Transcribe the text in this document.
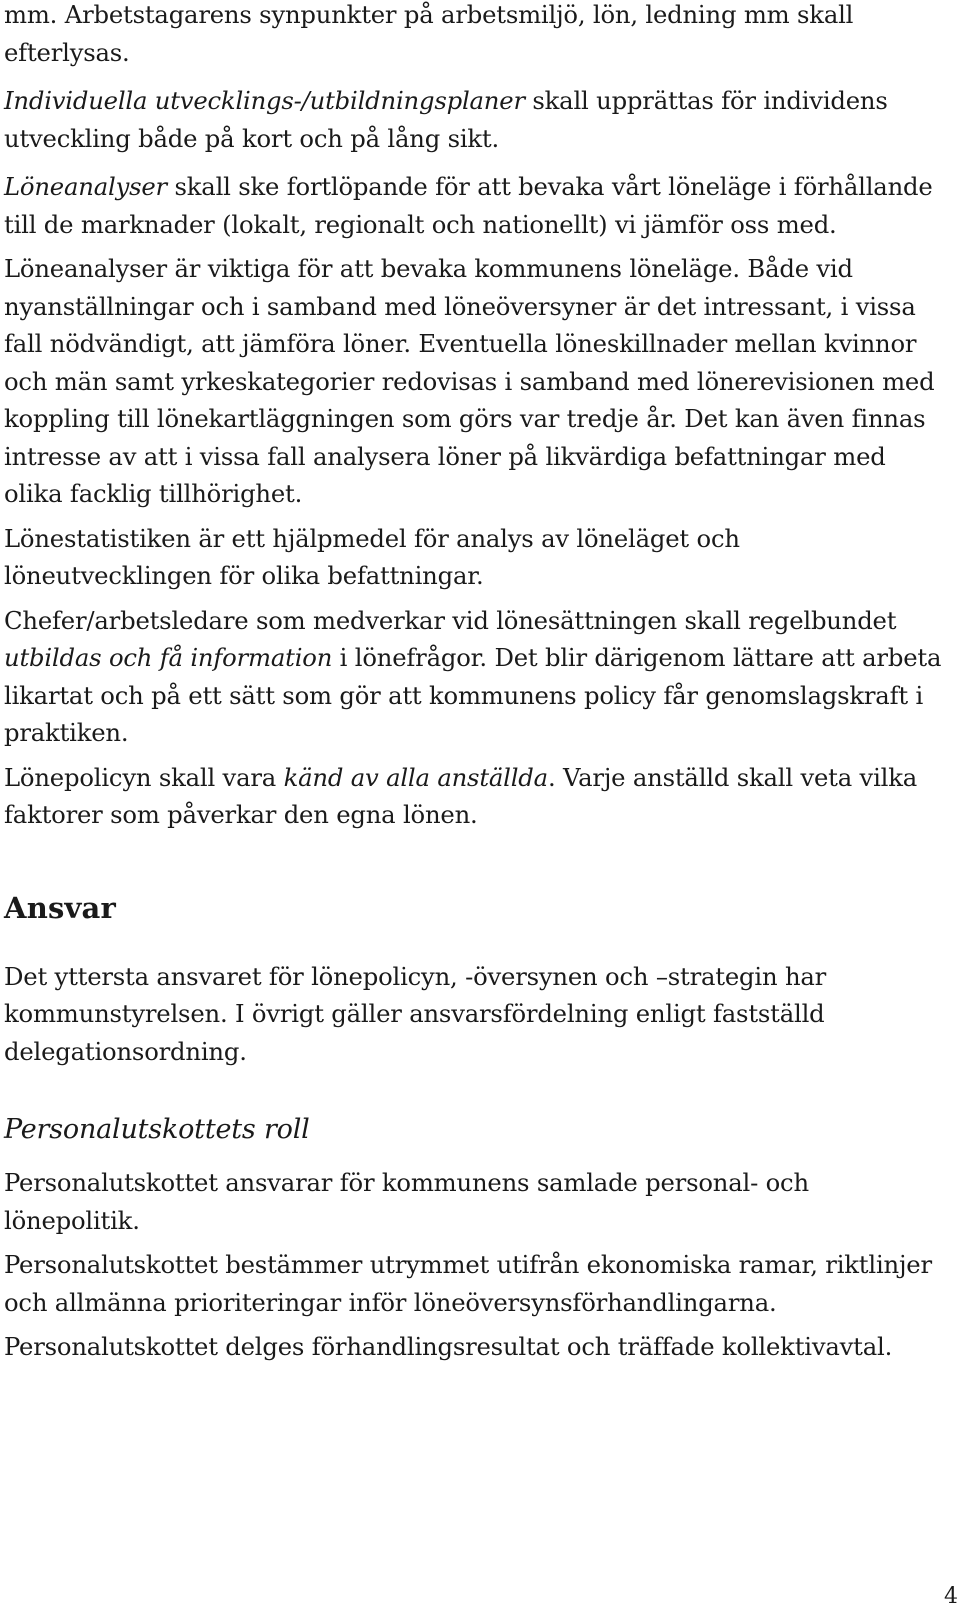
mm. Arbetstagarens synpunkter på arbetsmiljö, lön, ledning mm skall efterlysas.

Individuella utvecklings-/utbildningsplaner skall upprättas för individens utveckling både på kort och på lång sikt.

Löneanalyser skall ske fortlöpande för att bevaka vårt löneläge i förhållande till de marknader (lokalt, regionalt och nationellt) vi jämför oss med.

Löneanalyser är viktiga för att bevaka kommunens löneläge. Både vid nyanställningar och i samband med löneöversyner är det intressant, i vissa fall nödvändigt, att jämföra löner. Eventuella löneskillnader mellan kvinnor och män samt yrkeskategorier redovisas i samband med lönerevisionen med koppling till lönekartläggningen som görs var tredje år. Det kan även finnas intresse av att i vissa fall analysera löner på likvärdiga befattningar med olika facklig tillhörighet.

Lönestatistiken är ett hjälpmedel för analys av löneläget och löneutvecklingen för olika befattningar.

Chefer/arbetsledare som medverkar vid lönesättningen skall regelbundet utbildas och få information i lönefrågor. Det blir därigenom lättare att arbeta likartat och på ett sätt som gör att kommunens policy får genomslagskraft i praktiken.

Lönepolicyn skall vara känd av alla anställda. Varje anställd skall veta vilka faktorer som påverkar den egna lönen.

Ansvar

Det yttersta ansvaret för lönepolicyn, -översynen och –strategin har kommunstyrelsen. I övrigt gäller ansvarsfördelning enligt fastställd delegationsordning.

Personalutskottets roll

Personalutskottet ansvarar för kommunens samlade personal- och lönepolitik.

Personalutskottet bestämmer utrymmet utifrån ekonomiska ramar, riktlinjer och allmänna prioriteringar inför löneöversynsförhandlingarna.

Personalutskottet delges förhandlingsresultat och träffade kollektivavtal.

4
